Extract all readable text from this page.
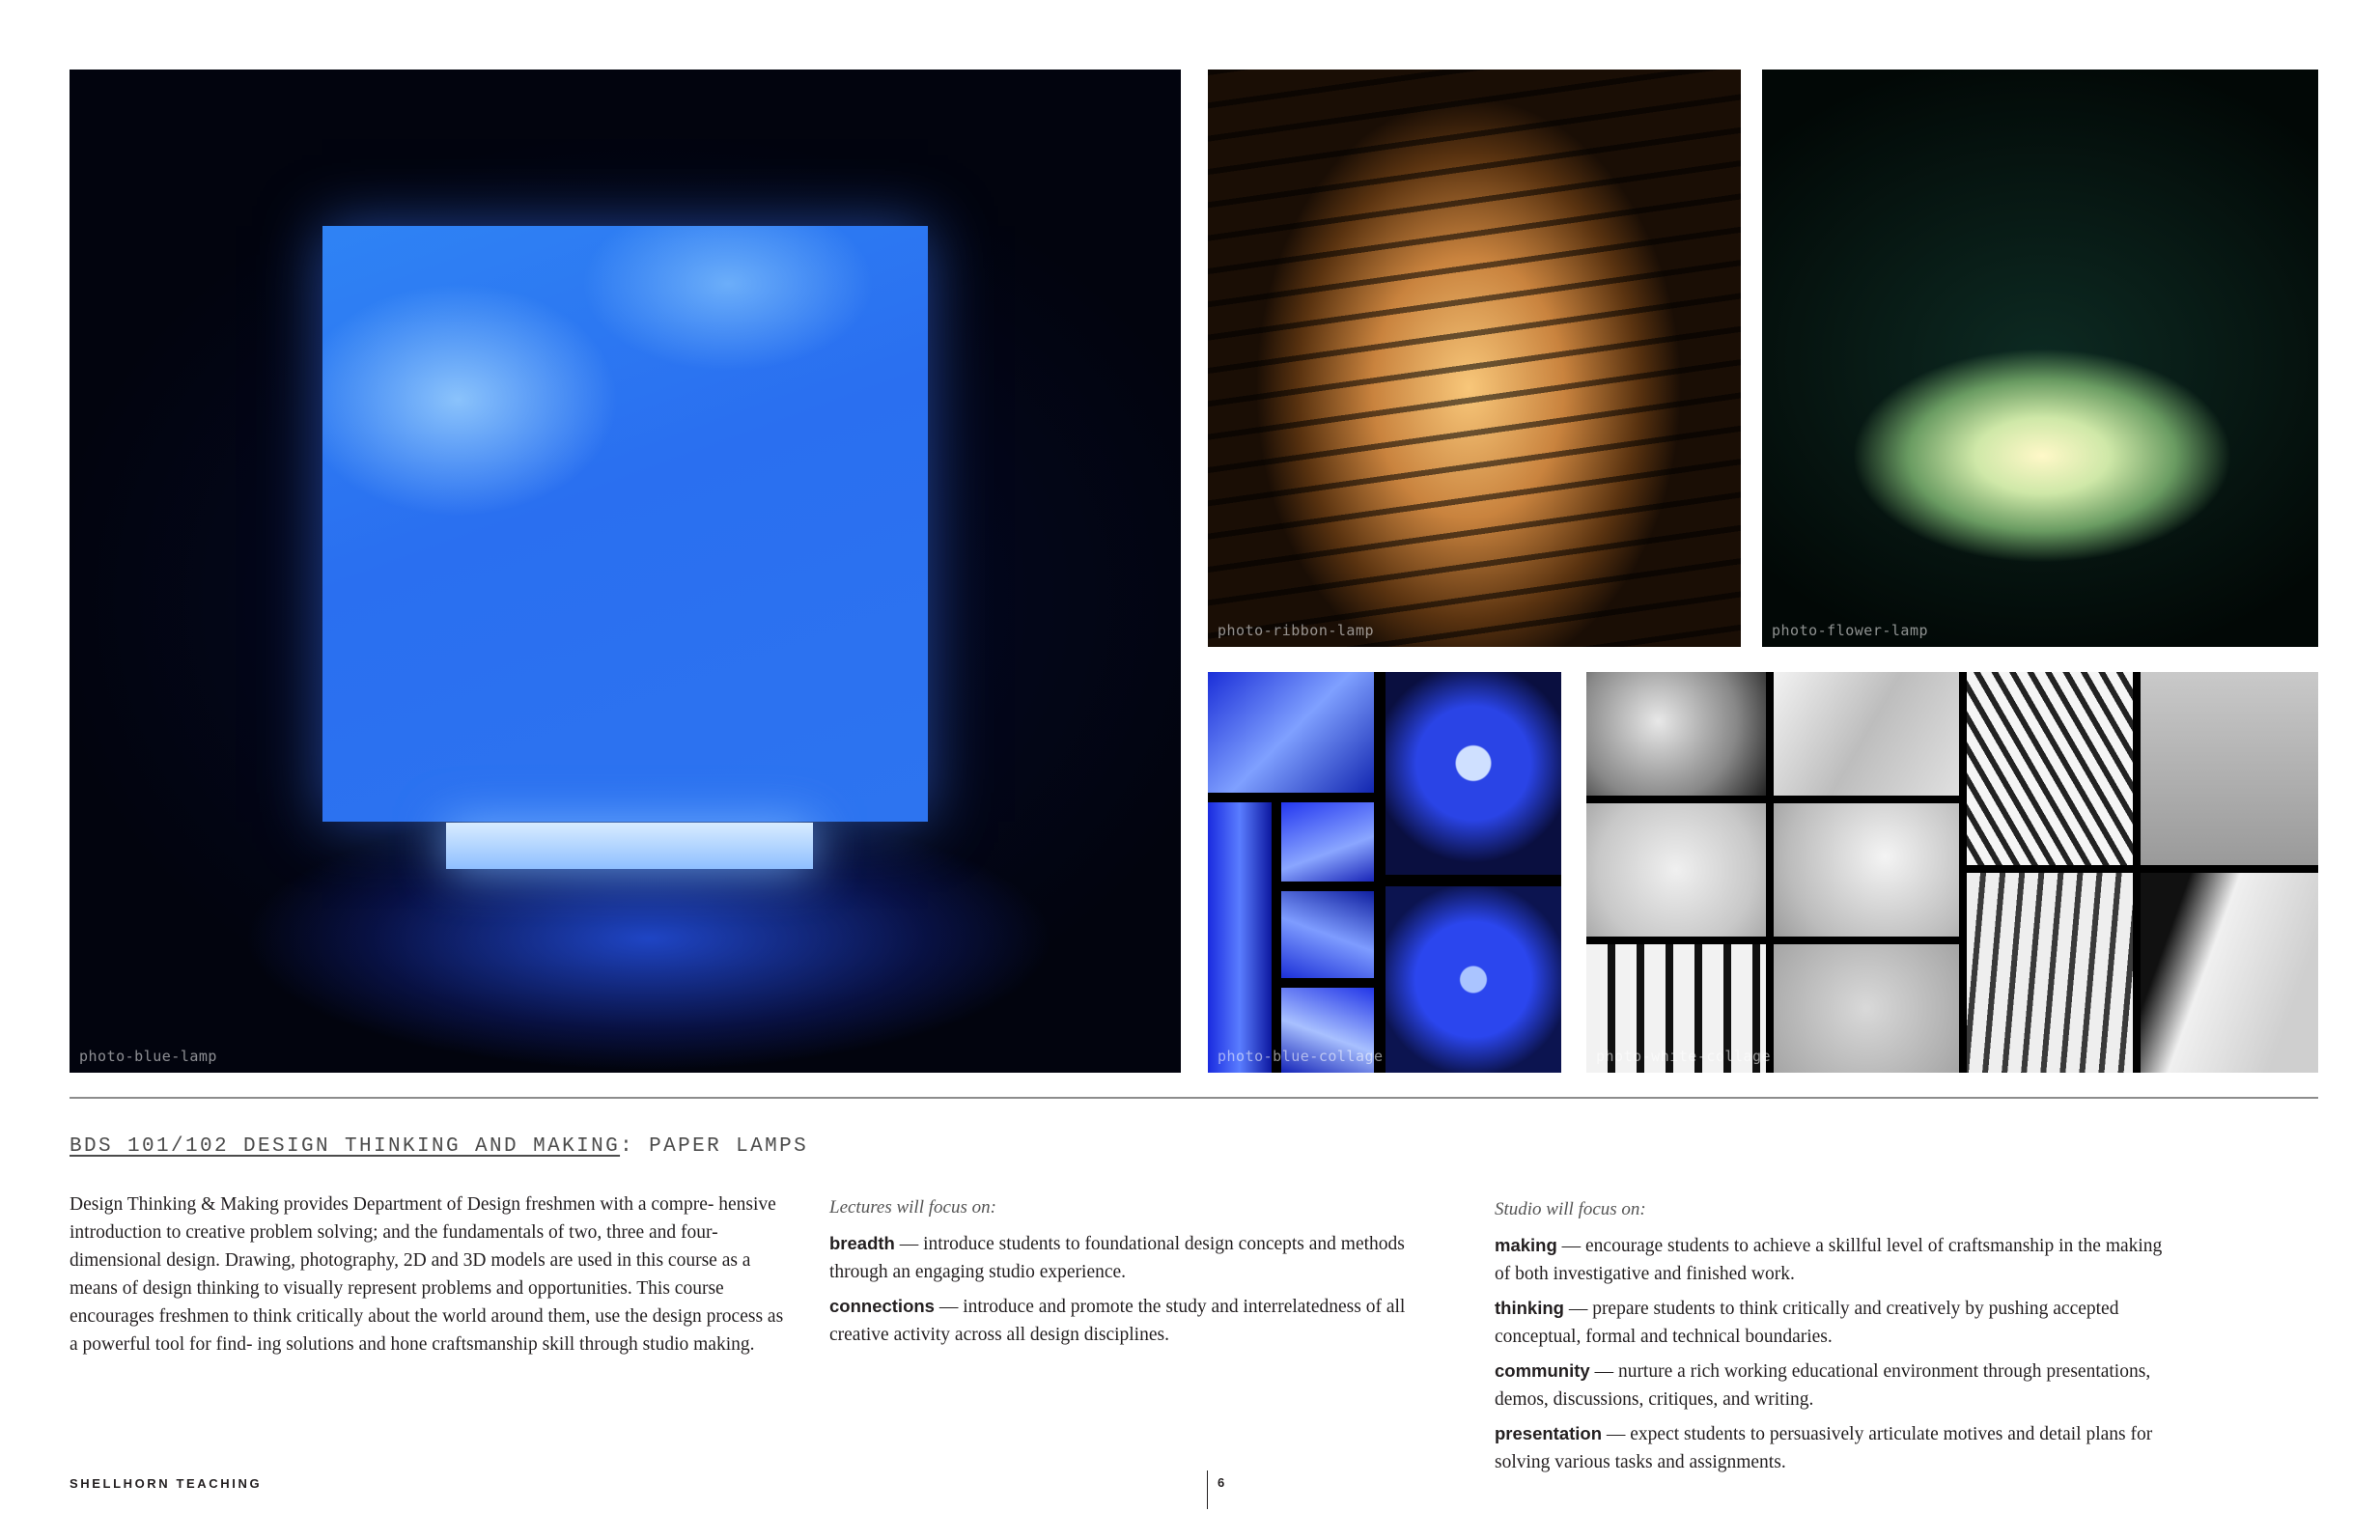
photo-blue-lamp
photo-ribbon-lamp	photo-flower-lamp
photo-blue-collage	photo-white-collage
BDS 101/102 DESIGN THINKING AND MAKING: PAPER LAMPS
Design Thinking & Making provides Department of Design freshmen with a compre- hensive introduction to creative problem solving; and the fundamentals of two, three and four-dimensional design. Drawing, photography, 2D and 3D models are used in this course as a means of design thinking to visually represent problems and opportunities. This course encourages freshmen to think critically about the world around them, use the design process as a powerful tool for find- ing solutions and hone craftsmanship skill through studio making.

Lectures will focus on:

breadth — introduce students to foundational design concepts and methods through an engaging studio experience.

connections — introduce and promote the study and interrelatedness of all creative activity across all design disciplines.

Studio will focus on:

making — encourage students to achieve a skillful level of craftsmanship in the making of both investigative and finished work.

thinking — prepare students to think critically and creatively by pushing accepted conceptual, formal and technical boundaries.

community — nurture a rich working educational environment through presentations, demos, discussions, critiques, and writing.

presentation — expect students to persuasively articulate motives and detail plans for solving various tasks and assignments.

SHELLHORN TEACHING	6
